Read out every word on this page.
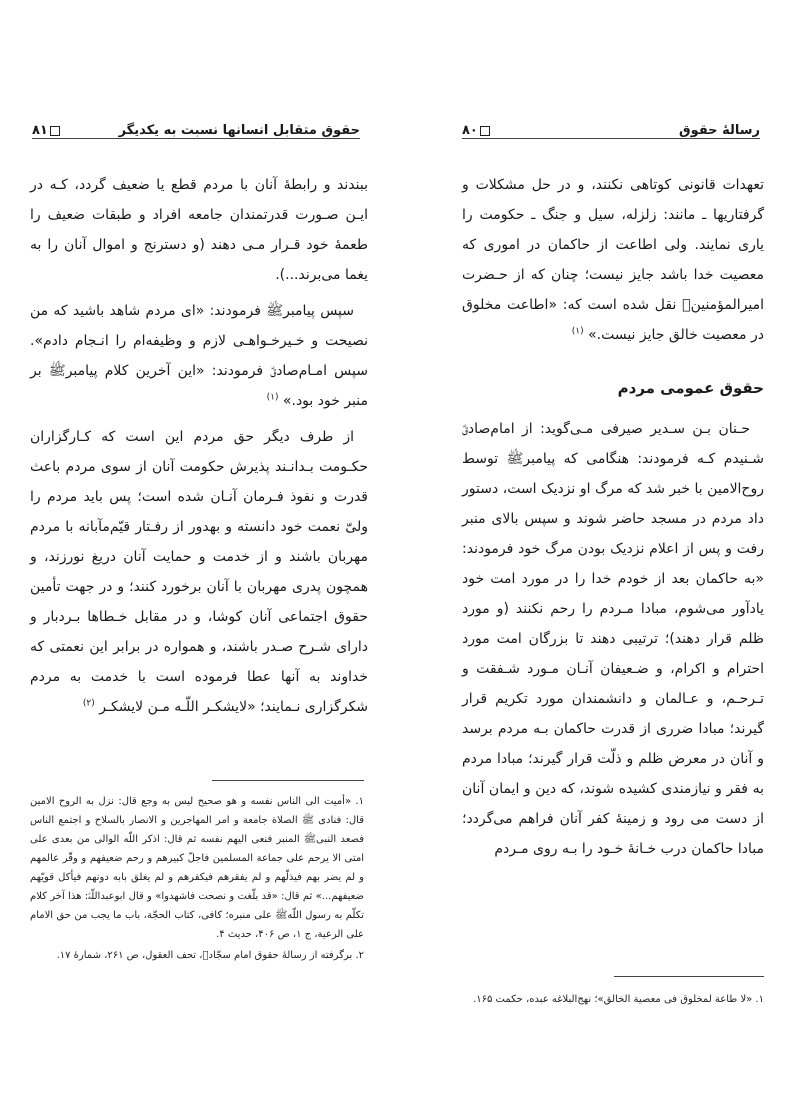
حقوق متقابل انسانها نسبت به یکدیگر
۸۱

ببندند و رابطهٔ آنان با مردم قطع یا ضعیف گردد، کـه در ایـن صـورت قدرتمندان جامعه افراد و طبقات ضعیف را طعمهٔ خود قـرار مـی دهند (و دسترنج و اموال آنان را به یغما می‌برند...).

سپس پیامبرﷺ فرمودند: «ای مردم شاهد باشید که من نصیحت و خـیرخـواهـی لازم و وظیفه‌ام را انـجام دادم». سپس امـام‌صادقؑ فرمودند: «این آخرین کلام پیامبرﷺ بر منبر خود بود.» $^{(۱)}$

از طرف دیگر حق مردم این است که کـارگزاران حکـومت بـدانـند پذیرش حکومت آنان از سوی مردم باعث قدرت و نفوذ فـرمان آنـان شده است؛ پس باید مردم را ولیّ نعمت خود دانسته و بهدور از رفـتار قیّم‌مآبانه با مردم مهربان باشند و از خدمت و حمایت آنان دریغ نورزند، و همچون پدری مهربان با آنان برخورد کنند؛ و در جهت تأمین حقوق اجتماعی آنان کوشا، و در مقابل خـطاها بـردبار و دارای شـرح صـدر باشند، و همواره در برابر این نعمتی که خداوند به آنها عطا فرموده است با خدمت به مردم شکرگزاری نـمایند؛ «لایشکـر اللّـه مـن لایشکـر $^{(۲)}$

۱. «أمیت الی الناس نفسه و هو صحیح لیس به وجع قال: نزل به الروح الامین قال: فنادی ﷺ الصلاة جامعة و امر المهاجرین و الانصار بالسلاح و اجتمع الناس فصعد النبیﷺ المنبر فنعی الیهم نفسه ثم قال: اذکر اللّه الوالی من بعدی علی امتی الا یرحم علی جماعة المسلمین فاجلّ کبیرهم و رحم ضعیفهم و وقّر عالمهم و لم یضر بهم فیذلّهم و لم یفقرهم فیکفرهم و لم یغلق بابه دونهم فیأکل قویّهم ضعیفهم...» ثم قال: «قد بلّغت و نصحت فاشهدوا» و قال ابوعبداللّهؑ: هذا آخر کلام تکلّم به رسول اللّهﷺ علی منبره؛ کافی، کتاب الحجّة، باب ما یجب من حق الامام علی الرعیة، ج ۱، ص ۴۰۶، حدیث ۴.

۲. برگرفته از رسالهٔ حقوق امام سجّادؑ، تحف العقول، ص ۲۶۱، شمارهٔ ۱۷.

رسالهٔ حقوق
۸۰

تعهدات قانونی کوتاهی نکنند، و در حل مشکلات و گرفتاریها ـ مانند: زلزله، سیل و جنگ ـ حکومت را یاری نمایند. ولی اطاعت از حاکمان در اموری که معصیت خدا باشد جایز نیست؛ چنان که از حـضرت امیرالمؤمنینؑ نقل شده است که: «اطاعت مخلوق در معصیت خالق جایز نیست.» $^{(۱)}$

حقوق عمومی مردم

حـنان بـن سـدیر صیرفی مـی‌گوید: از امام‌صادقؑ شـنیدم کـه فرمودند: هنگامی که پیامبرﷺ توسط روح‌الامین با خبر شد که مرگ او نزدیک است، دستور داد مردم در مسجد حاضر شوند و سپس بالای منبر رفت و پس از اعلام نزدیک بودن مرگ خود فرمودند: «به حاکمان بعد از خودم خدا را در مورد امت خود یادآور می‌شوم، مبادا مـردم را رحم نکنند (و مورد ظلم قرار دهند)؛ ترتیبی دهند تا بزرگان امت مورد احترام و اکرام، و ضـعیفان آنـان مـورد شـفقت و تـرحـم، و عـالمان و دانشمندان مورد تکریم قرار گیرند؛ مبادا ضرری از قدرت حاکمان بـه مردم برسد و آنان در معرض ظلم و ذلّت قرار گیرند؛ مبادا مردم به فقر و نیازمندی کشیده شوند، که دین و ایمان آنان از دست می رود و زمینهٔ کفر آنان فراهم می‌گردد؛ مبادا حاکمان درب خـانهٔ خـود را بـه روی مـردم

۱. «لا طاعة لمخلوق فی معصیة الخالق»؛ نهج‌البلاغه عبده، حکمت ۱۶۵.
